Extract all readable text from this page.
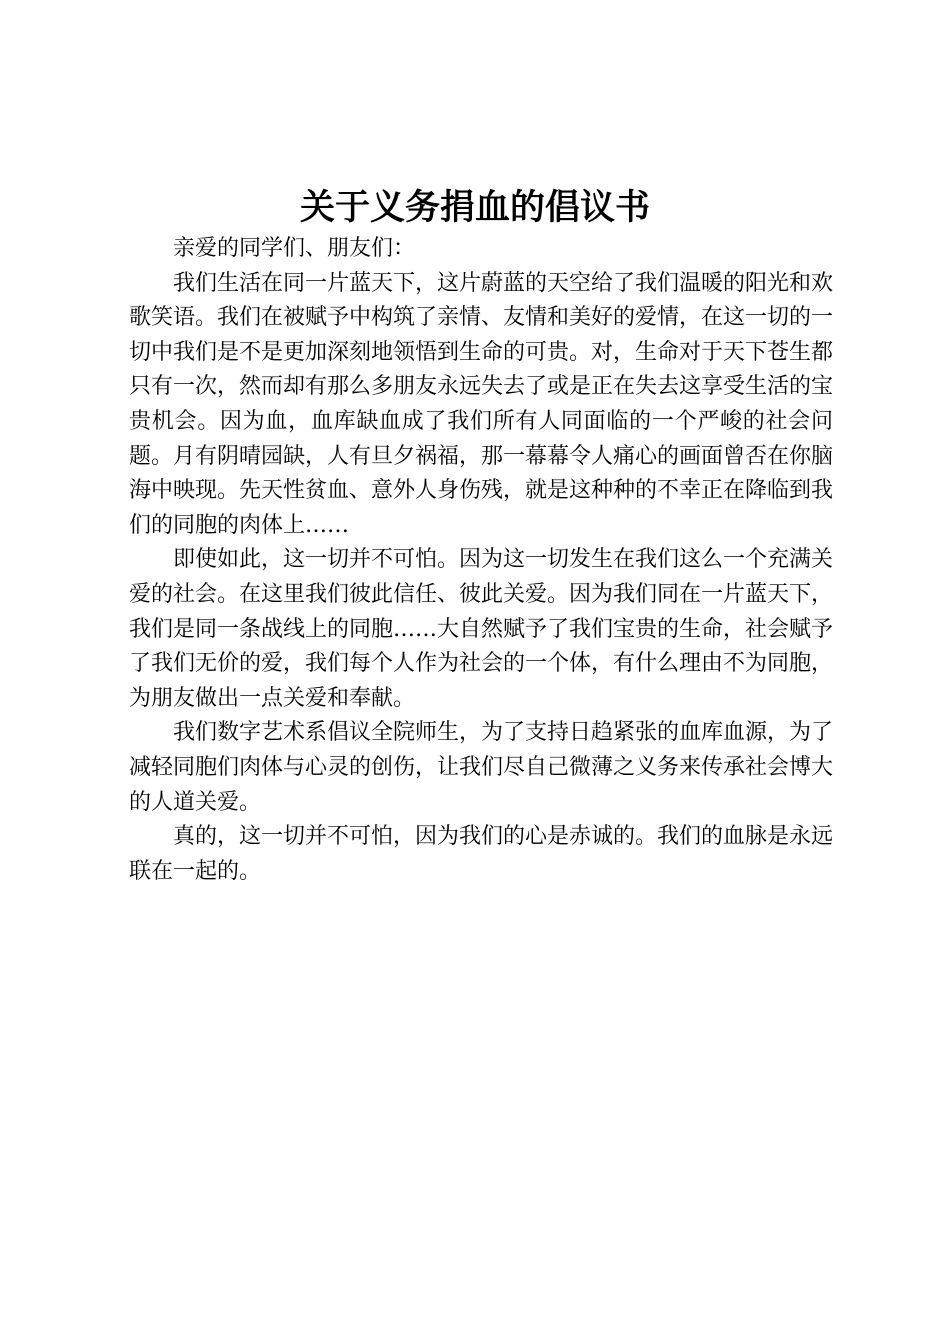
关于义务捐血的倡议书

亲爱的同学们、朋友们：

我们生活在同一片蓝天下，这片蔚蓝的天空给了我们温暖的阳光和欢歌笑语。我们在被赋予中构筑了亲情、友情和美好的爱情，在这一切的一切中我们是不是更加深刻地领悟到生命的可贵。对，生命对于天下苍生都只有一次，然而却有那么多朋友永远失去了或是正在失去这享受生活的宝贵机会。因为血，血库缺血成了我们所有人同面临的一个严峻的社会问题。月有阴晴园缺，人有旦夕祸福，那一幕幕令人痛心的画面曾否在你脑海中映现。先天性贫血、意外人身伤残，就是这种种的不幸正在降临到我们的同胞的肉体上……

即使如此，这一切并不可怕。因为这一切发生在我们这么一个充满关爱的社会。在这里我们彼此信任、彼此关爱。因为我们同在一片蓝天下，我们是同一条战线上的同胞……大自然赋予了我们宝贵的生命，社会赋予了我们无价的爱，我们每个人作为社会的一个体，有什么理由不为同胞，为朋友做出一点关爱和奉献。

我们数字艺术系倡议全院师生，为了支持日趋紧张的血库血源，为了减轻同胞们肉体与心灵的创伤，让我们尽自己微薄之义务来传承社会博大的人道关爱。

真的，这一切并不可怕，因为我们的心是赤诚的。我们的血脉是永远联在一起的。
